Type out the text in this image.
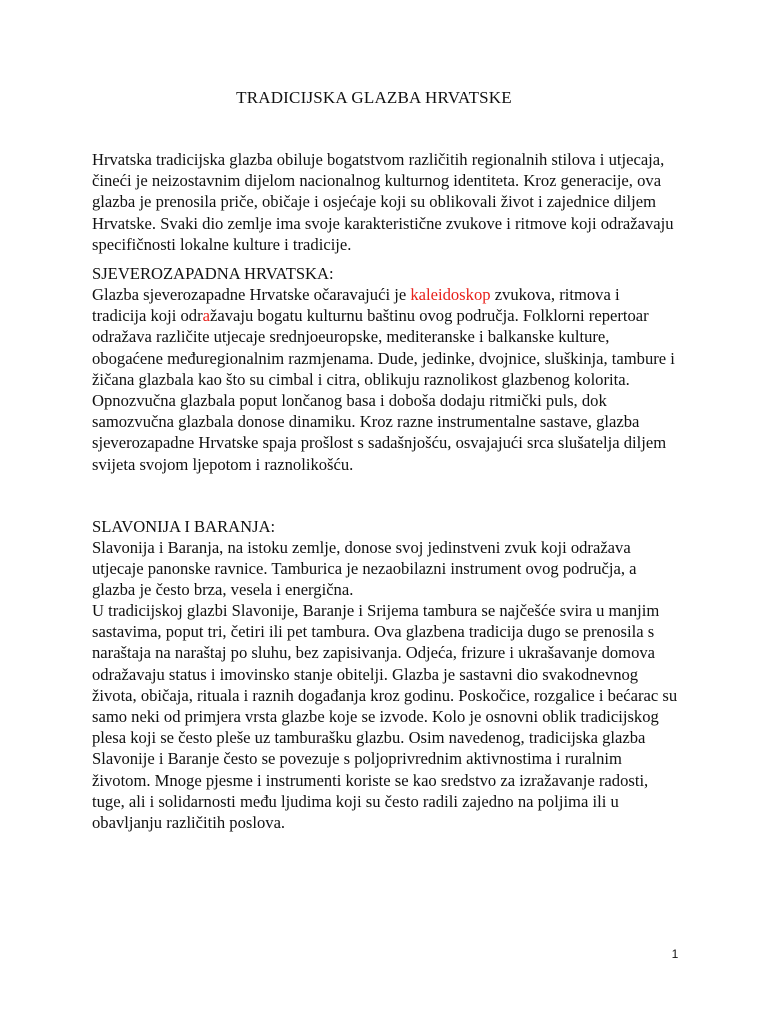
TRADICIJSKA GLAZBA HRVATSKE

Hrvatska tradicijska glazba obiluje bogatstvom različitih regionalnih stilova i utjecaja, čineći je neizostavnim dijelom nacionalnog kulturnog identiteta. Kroz generacije, ova glazba je prenosila priče, običaje i osjećaje koji su oblikovali život i zajednice diljem Hrvatske. Svaki dio zemlje ima svoje karakteristične zvukove i ritmove koji odražavaju specifičnosti lokalne kulture i tradicije.

SJEVEROZAPADNA HRVATSKA:

Glazba sjeverozapadne Hrvatske očaravajući je kaleidoskop zvukova, ritmova i tradicija koji odražavaju bogatu kulturnu baštinu ovog područja. Folklorni repertoar odražava različite utjecaje srednjoeuropske, mediteranske i balkanske kulture, obogaćene međuregionalnim razmjenama. Dude, jedinke, dvojnice, sluškinja, tambure i žičana glazbala kao što su cimbal i citra, oblikuju raznolikost glazbenog kolorita. Opnozvučna glazbala poput lončanog basa i doboša dodaju ritmički puls, dok samozvučna glazbala donose dinamiku. Kroz razne instrumentalne sastave, glazba sjeverozapadne Hrvatske spaja prošlost s sadašnjošću, osvajajući srca slušatelja diljem svijeta svojom ljepotom i raznolikošću.

SLAVONIJA I BARANJA:

Slavonija i Baranja, na istoku zemlje, donose svoj jedinstveni zvuk koji odražava utjecaje panonske ravnice. Tamburica je nezaobilazni instrument ovog područja, a glazba je često brza, vesela i energična.

U tradicijskoj glazbi Slavonije, Baranje i Srijema tambura se najčešće svira u manjim sastavima, poput tri, četiri ili pet tambura. Ova glazbena tradicija dugo se prenosila s naraštaja na naraštaj po sluhu, bez zapisivanja. Odjeća, frizure i ukrašavanje domova odražavaju status i imovinsko stanje obitelji. Glazba je sastavni dio svakodnevnog života, običaja, rituala i raznih događanja kroz godinu. Poskočice, rozgalice i bećarac su samo neki od primjera vrsta glazbe koje se izvode. Kolo je osnovni oblik tradicijskog plesa koji se često pleše uz tamburašku glazbu. Osim navedenog, tradicijska glazba Slavonije i Baranje često se povezuje s poljoprivrednim aktivnostima i ruralnim životom. Mnoge pjesme i instrumenti koriste se kao sredstvo za izražavanje radosti, tuge, ali i solidarnosti među ljudima koji su često radili zajedno na poljima ili u obavljanju različitih poslova.

1
